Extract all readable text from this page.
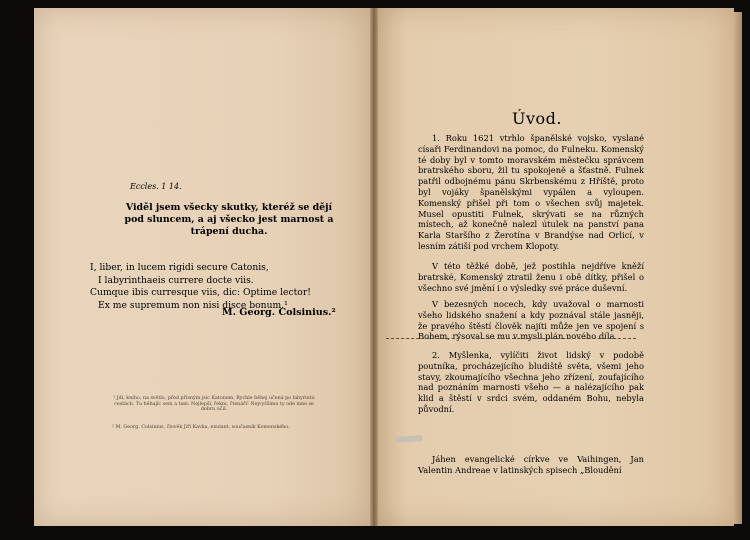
Eccles. 1 14.
Viděl jsem všecky skutky, kteréž se dějí pod sluncem, a aj všecko jest marnost a trápení ducha.
I, liber, in lucem rigidi secure Catonis,
I labyrinthaeis currere docte viis.
Cumque ibis curresque viis, dic: Optime lector!
Ex me supremum non nisi disce bonum.¹
M. Georg. Colsinius.²
¹ Jdi, kniho, na světlo, před přísným jsic Katonem, Rychle běhej učená po labyrintu cestách. Tu běhajíc sem a tam: Nejlepší, řekni, čtenáři! Nejvyššímu ty ode mne se dobru učil.
² M. Georg. Colsinius, člověk Jiří Kavka, exulant, současník Komenského.
Úvod.
1. Roku 1621 vtrhlo španělské vojsko, vyslané císaři Ferdinandovi na pomoc, do Fulneku. Komenský té doby byl v tomto moravském městečku správcem bratrského sboru, žil tu spokojeně a šťastně. Fulnek patřil odbojnému pánu Skrbenskému z Hříště, proto byl vojáky španělskými vypálen a vyloupen. Komenský přišel při tom o všechen svůj majetek. Musel opustiti Fulnek, skrývati se na různých místech, až konečně nalezl útulek na panství pana Karla Staršího z Žerotína v Brandýse nad Orlicí, v lesním zátiší pod vrchem Klopoty.
V této těžké době, jež postihla nejdříve kněží bratrské, Komenský ztratil ženu i obě dítky, přišel o všechno své jmění i o výsledky své práce duševní.
V bezesných nocech, kdy uvažoval o marnosti všeho lidského snažení a kdy poznával stále jasněji, že pravého štěstí člověk najíti může jen ve spojení s Bohem, rýsoval se mu v mysli plán nového díla.
2. Myšlenka, vylíčiti život lidský v podobě poutníka, procházejícího bludiště světa, všemi jeho stavy, zkoumajícího všechna jeho zřízení, zoufajícího nad poznáním marnosti všeho — a nalézajícího pak klid a štěstí v srdci svém, oddaném Bohu, nebyla původní.
Jáhen evangelické církve ve Vaihingen, Jan Valentin Andreae v latinských spisech „Bloudění
